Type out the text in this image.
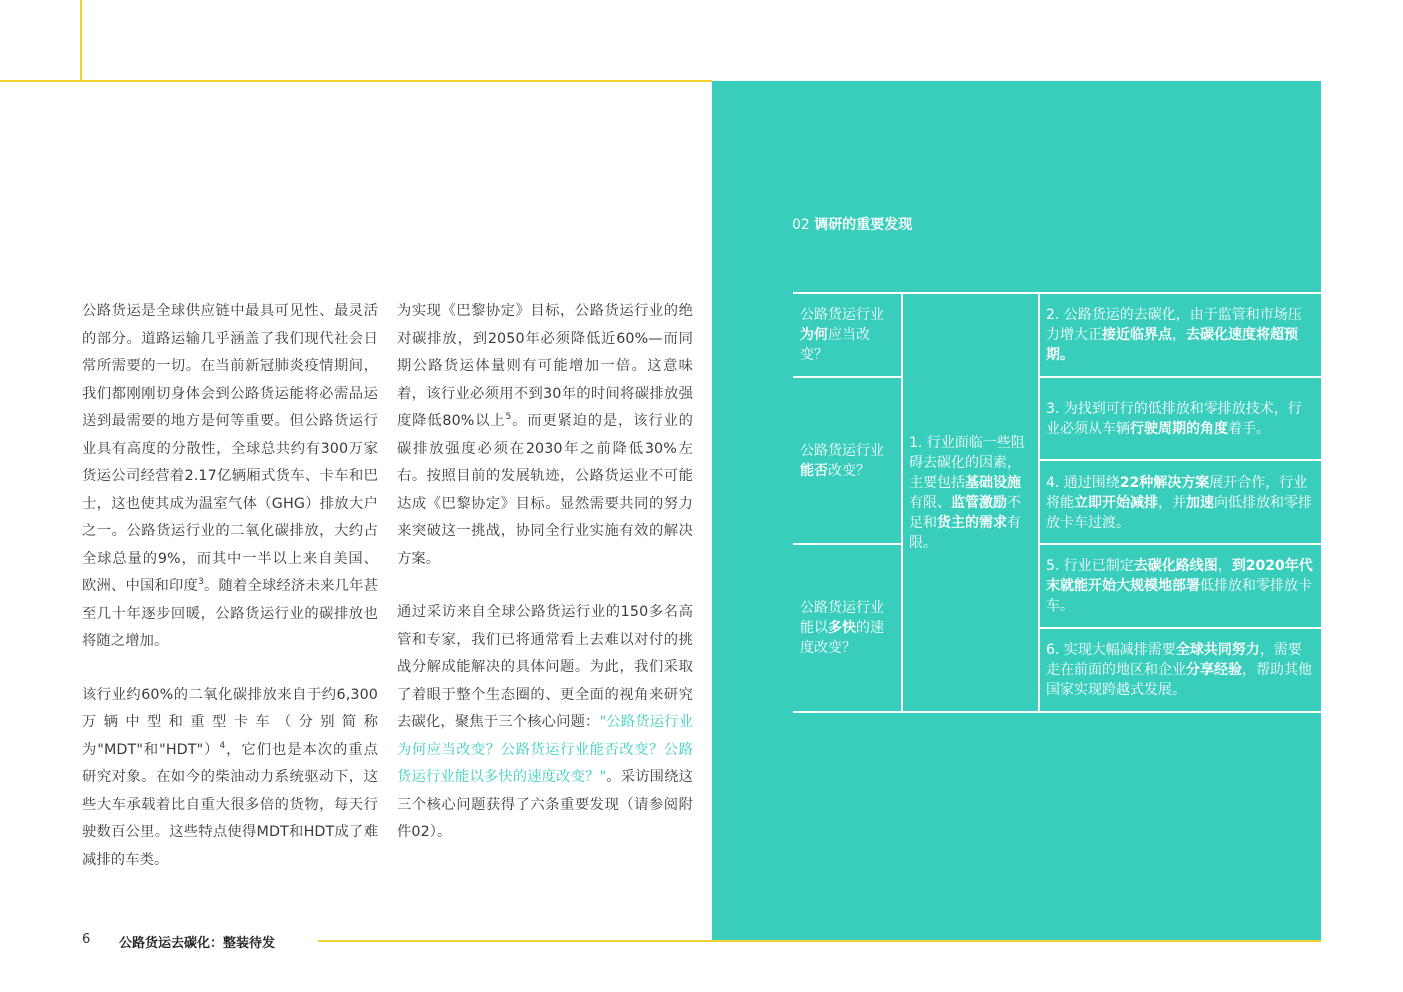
公路货运是全球供应链中最具可见性、最灵活的部分。道路运输几乎涵盖了我们现代社会日常所需要的一切。在当前新冠肺炎疫情期间，我们都刚刚切身体会到公路货运能将必需品运送到最需要的地方是何等重要。但公路货运行业具有高度的分散性，全球总共约有300万家货运公司经营着2.17亿辆厢式货车、卡车和巴士，这也使其成为温室气体（GHG）排放大户之一。公路货运行业的二氧化碳排放，大约占全球总量的9%，而其中一半以上来自美国、欧洲、中国和印度$^3$。随着全球经济未来几年甚至几十年逐步回暖，公路货运行业的碳排放也将随之增加。

该行业约60%的二氧化碳排放来自于约6,300万辆中型和重型卡车（分别简称为"MDT"和"HDT"）$^4$，它们也是本次的重点研究对象。在如今的柴油动力系统驱动下，这些大车承载着比自重大很多倍的货物，每天行驶数百公里。这些特点使得MDT和HDT成了难减排的车类。

为实现《巴黎协定》目标，公路货运行业的绝对碳排放，到2050年必须降低近60%—而同期公路货运体量则有可能增加一倍。这意味着，该行业必须用不到30年的时间将碳排放强度降低80%以上$^5$。而更紧迫的是，该行业的碳排放强度必须在2030年之前降低30%左右。按照目前的发展轨迹，公路货运业不可能达成《巴黎协定》目标。显然需要共同的努力来突破这一挑战，协同全行业实施有效的解决方案。

通过采访来自全球公路货运行业的150多名高管和专家，我们已将通常看上去难以对付的挑战分解成能解决的具体问题。为此，我们采取了着眼于整个生态圈的、更全面的视角来研究去碳化，聚焦于三个核心问题："公路货运行业为何应当改变？公路货运行业能否改变？公路货运行业能以多快的速度改变？"。采访围绕这三个核心问题获得了六条重要发现（请参阅附件02）。

02 调研的重要发现
公路货运行业为何应当改变？
公路货运行业能否改变？
公路货运行业能以多快的速度改变？
1. 行业面临一些阻碍去碳化的因素，主要包括基础设施有限、监管激励不足和货主的需求有限。
2. 公路货运的去碳化，由于监管和市场压力增大正接近临界点，去碳化速度将超预期。
3. 为找到可行的低排放和零排放技术，行业必须从车辆行驶周期的角度着手。
4. 通过围绕22种解决方案展开合作，行业将能立即开始减排，并加速向低排放和零排放卡车过渡。
5. 行业已制定去碳化路线图，到2020年代末就能开始大规模地部署低排放和零排放卡车。
6. 实现大幅减排需要全球共同努力，需要走在前面的地区和企业分享经验，帮助其他国家实现跨越式发展。
6 公路货运去碳化：整装待发
